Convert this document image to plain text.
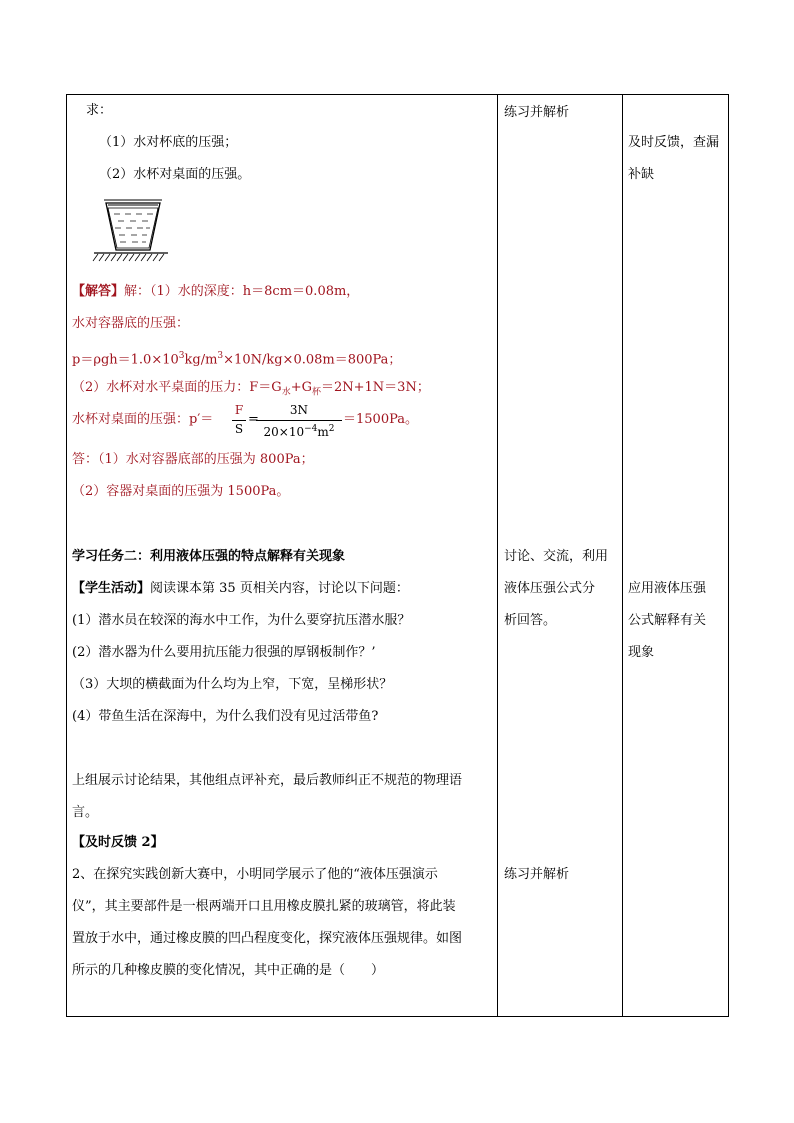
求：
（1）水对杯底的压强；
（2）水杯对桌面的压强。
【解答】解：（1）水的深度：h＝8cm＝0.08m，
水对容器底的压强：
$p=\rho gh=1.0\times 10^3kg/m^3\times 10N/kg\times 0.08m=800Pa$；
（2）水杯对水平桌面的压力：$F=G_水+G_杯=2N+1N=3N$；
水杯对桌面的压强：p′＝
F
S
=
3N
$20\times 10^{-4}m^2$
＝1500Pa。
答：（1）水对容器底部的压强为 800Pa；
（2）容器对桌面的压强为 1500Pa。
学习任务二：利用液体压强的特点解释有关现象
【学生活动】阅读课本第 35 页相关内容，讨论以下问题：
(1）潜水员在较深的海水中工作，为什么要穿抗压潜水服？
(2）潜水器为什么要用抗压能力很强的厚钢板制作？’
（3）大坝的横截面为什么均为上窄，下宽，呈梯形状？
(4）带鱼生活在深海中，为什么我们没有见过活带鱼?
上组展示讨论结果，其他组点评补充，最后教师纠正不规范的物理语
言。
【及时反馈 2】
2、在探究实践创新大赛中，小明同学展示了他的“液体压强演示
仪”，其主要部件是一根两端开口且用橡皮膜扎紧的玻璃管，将此装
置放于水中，通过橡皮膜的凹凸程度变化，探究液体压强规律。如图
所示的几种橡皮膜的变化情况，其中正确的是（　　）
练习并解析
讨论、交流，利用
液体压强公式分
析回答。
练习并解析
及时反馈，查漏
补缺
应用液体压强
公式解释有关
现象
